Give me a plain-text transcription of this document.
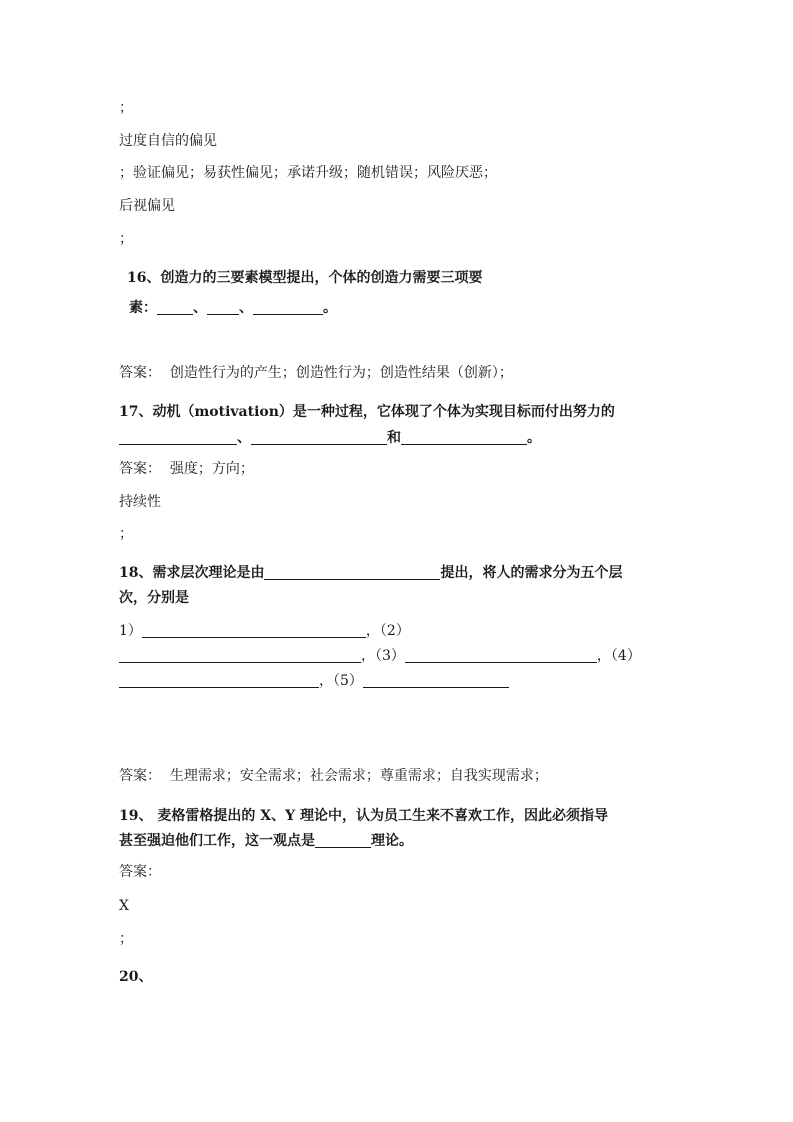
；
过度自信的偏见
；验证偏见；易获性偏见；承诺升级；随机错误；风险厌恶；
后视偏见
；
16、创造力的三要素模型提出，个体的创造力需要三项要
素：	、 、	。
答案： 创造性行为的产生；创造性行为；创造性结果（创新）；
17、动机（motivation）是一种过程，它体现了个体为实现目标而付出努力的
、	和	。
答案： 强度；方向；
持续性
；
18、需求层次理论是由	提出，将人的需求分为五个层
次，分别是
1）	，（2）
，（3）	，（4）
，（5）
答案： 生理需求；安全需求；社会需求；尊重需求；自我实现需求；
19、 麦格雷格提出的 X、Y 理论中，认为员工生来不喜欢工作，因此必须指导
甚至强迫他们工作，这一观点是	理论。
答案：
X
；
20、
